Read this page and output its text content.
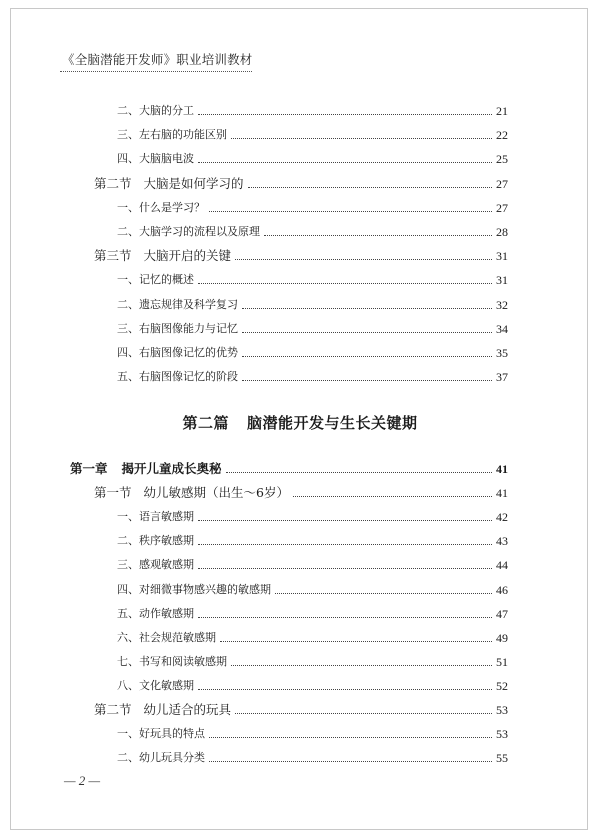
《全脑潜能开发师》职业培训教材
二、大脑的分工	21
三、左右脑的功能区别	22
四、大脑脑电波	25
第二节 大脑是如何学习的	27
一、什么是学习？	27
二、大脑学习的流程以及原理	28
第三节 大脑开启的关键	31
一、记忆的概述	31
二、遗忘规律及科学复习	32
三、右脑图像能力与记忆	34
四、右脑图像记忆的优势	35
五、右脑图像记忆的阶段	37
第二篇 脑潜能开发与生长关键期
第一章 揭开儿童成长奥秘	41
第一节 幼儿敏感期（出生～6岁）	41
一、语言敏感期	42
二、秩序敏感期	43
三、感观敏感期	44
四、对细微事物感兴趣的敏感期	46
五、动作敏感期	47
六、社会规范敏感期	49
七、书写和阅读敏感期	51
八、文化敏感期	52
第二节 幼儿适合的玩具	53
一、好玩具的特点	53
二、幼儿玩具分类	55
— 2 —
